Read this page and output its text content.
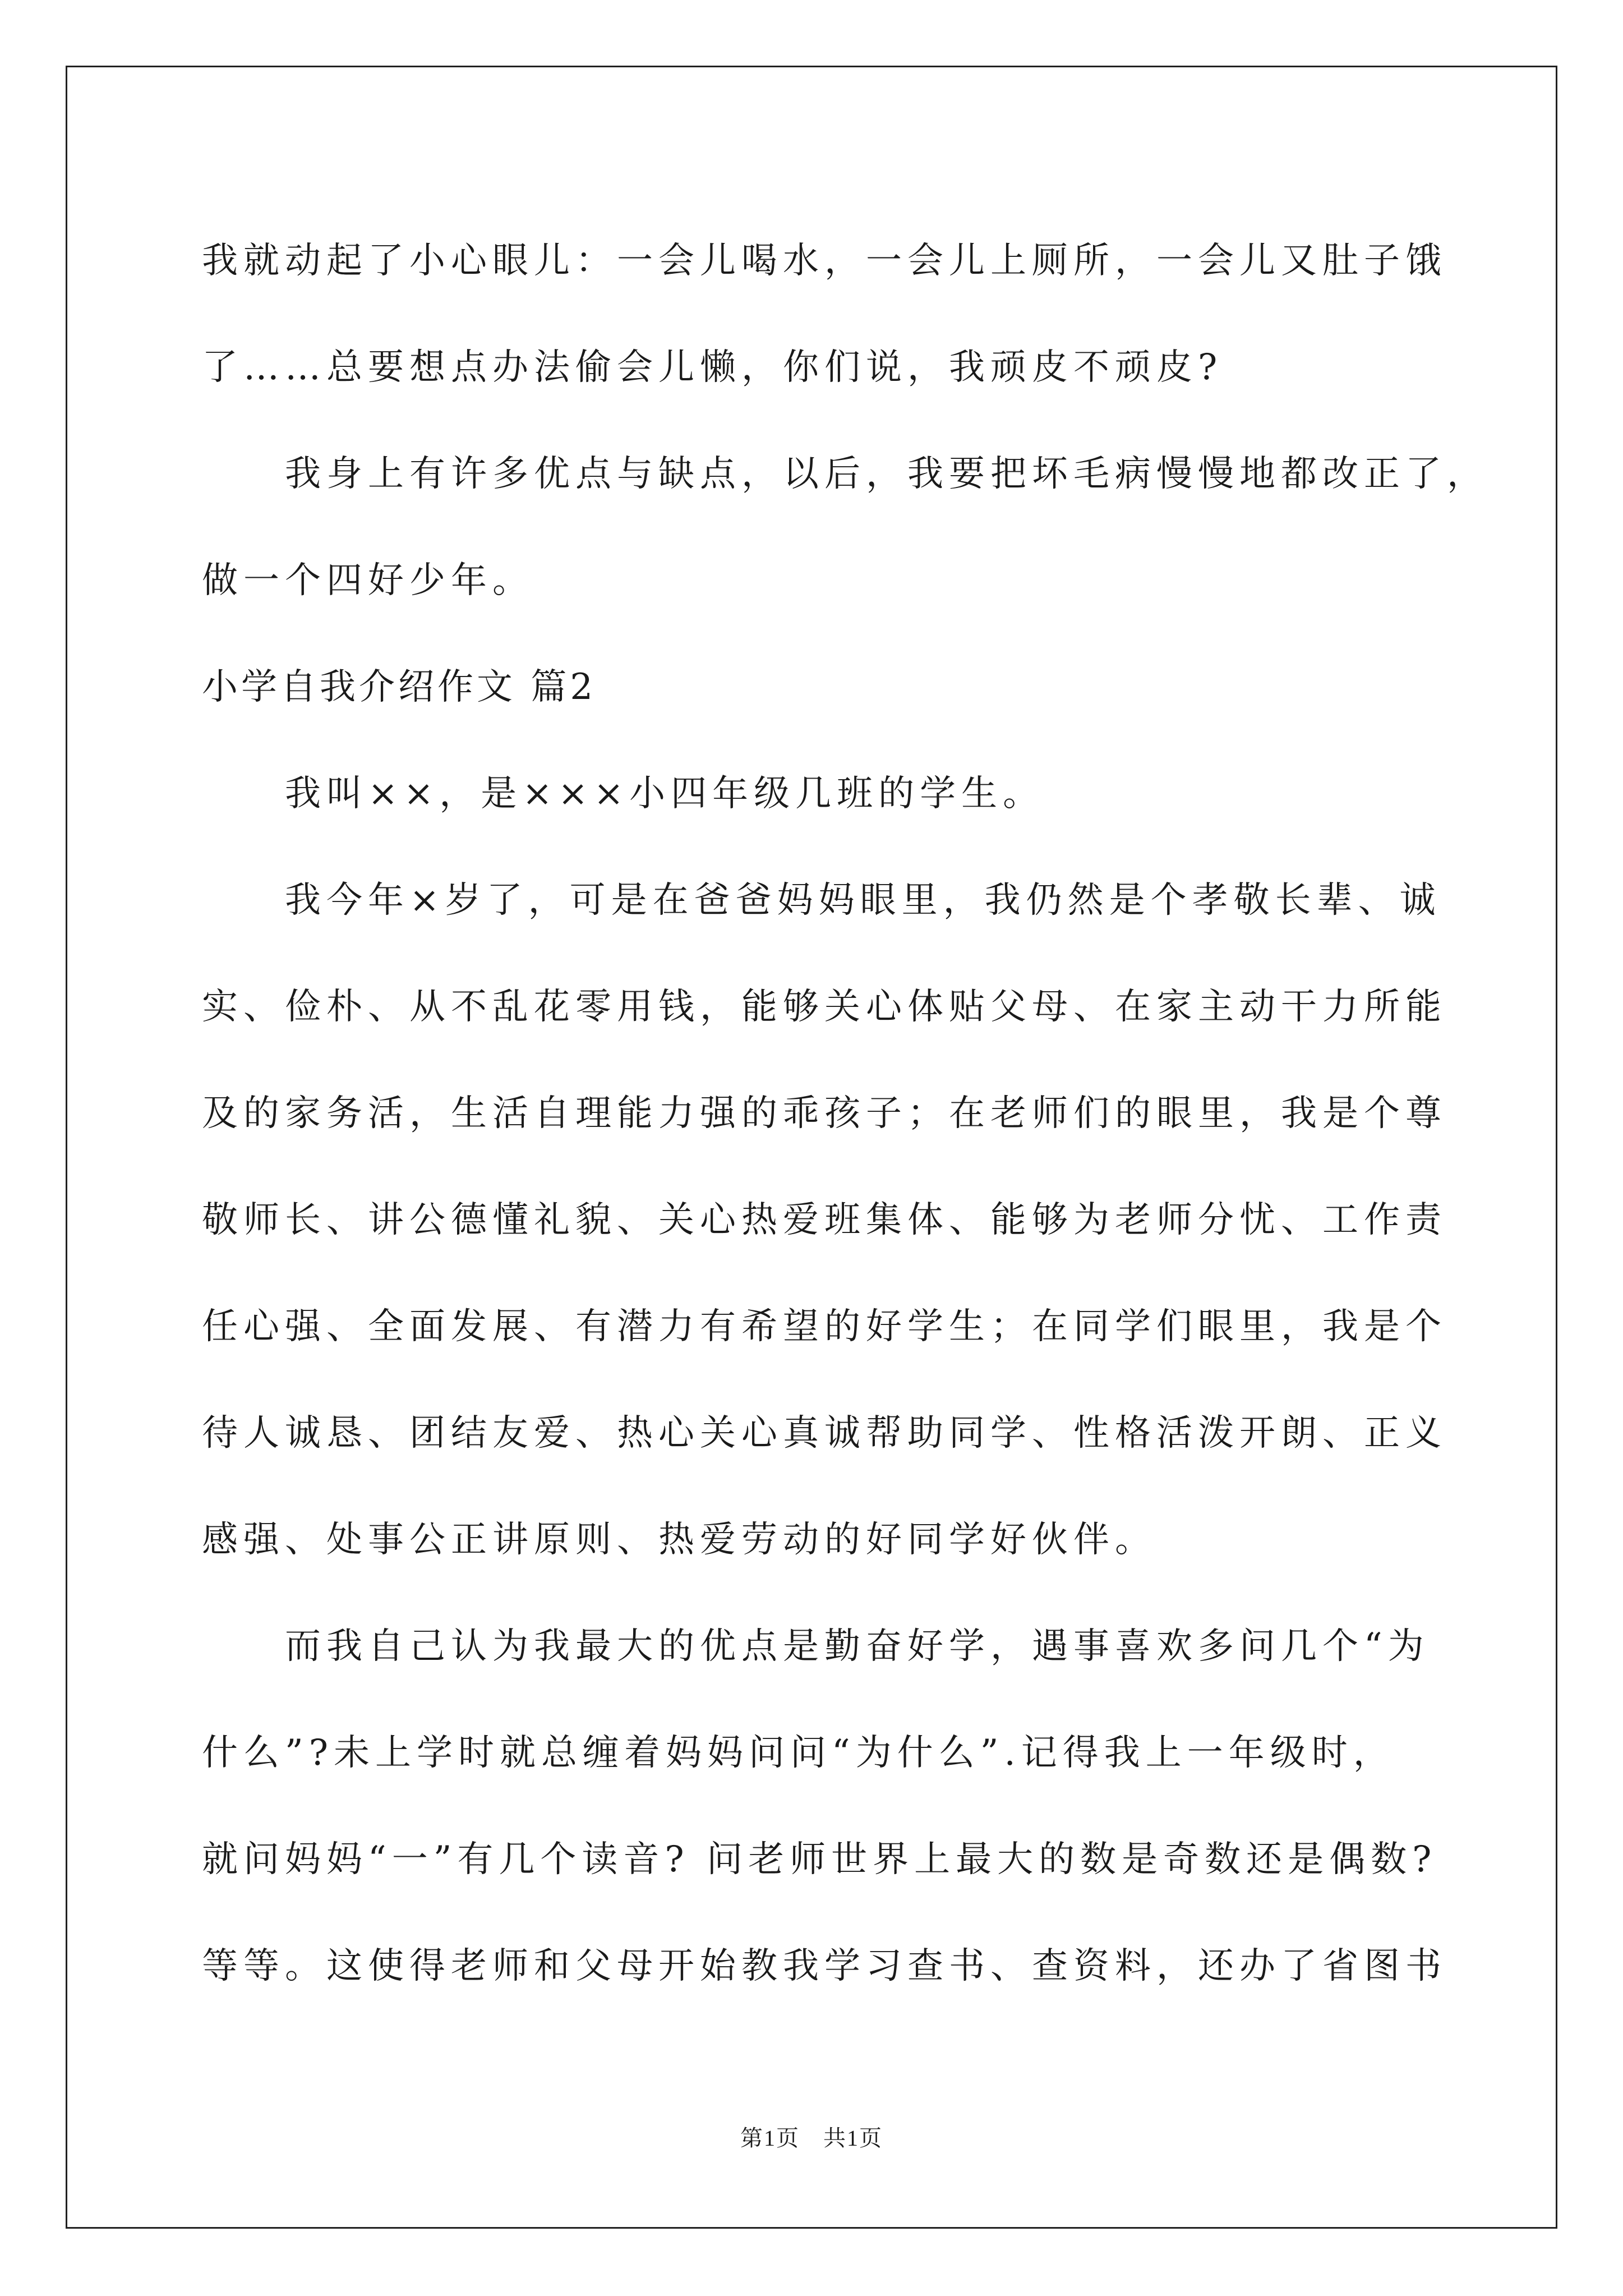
我就动起了小心眼儿：一会儿喝水，一会儿上厕所，一会儿又肚子饿
了……总要想点办法偷会儿懒，你们说，我顽皮不顽皮?
我身上有许多优点与缺点，以后，我要把坏毛病慢慢地都改正了，
做一个四好少年。
小学自我介绍作文 篇2
我叫××，是×××小四年级几班的学生。
我今年×岁了，可是在爸爸妈妈眼里，我仍然是个孝敬长辈、诚
实、俭朴、从不乱花零用钱，能够关心体贴父母、在家主动干力所能
及的家务活，生活自理能力强的乖孩子；在老师们的眼里，我是个尊
敬师长、讲公德懂礼貌、关心热爱班集体、能够为老师分忧、工作责
任心强、全面发展、有潜力有希望的好学生；在同学们眼里，我是个
待人诚恳、团结友爱、热心关心真诚帮助同学、性格活泼开朗、正义
感强、处事公正讲原则、热爱劳动的好同学好伙伴。
而我自己认为我最大的优点是勤奋好学，遇事喜欢多问几个“为
什么”?未上学时就总缠着妈妈问问“为什么”.记得我上一年级时，
就问妈妈“一”有几个读音? 问老师世界上最大的数是奇数还是偶数?
等等。这使得老师和父母开始教我学习查书、查资料，还办了省图书
第1页　共1页
